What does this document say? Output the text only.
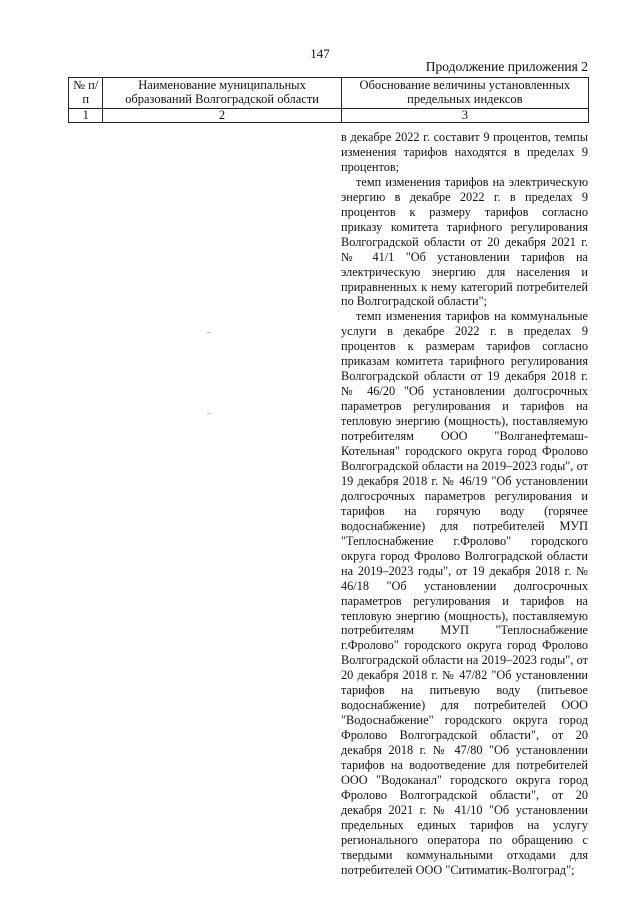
147
Продолжение приложения 2
№ п/п	Наименование муниципальных образований Волгоградской области	Обоснование величины установленных предельных индексов
1	2	3

в декабре 2022 г. составит 9 процентов, темпы изменения тарифов находятся в пределах 9 процентов;

темп изменения тарифов на электрическую энергию в декабре 2022 г. в пределах 9 процентов к размеру тарифов согласно приказу комитета тарифного регулирования Волгоградской области от 20 декабря 2021 г. № 41/1 "Об установлении тарифов на электрическую энергию для населения и приравненных к нему категорий потребителей по Волгоградской области";

темп изменения тарифов на коммунальные услуги в декабре 2022 г. в пределах 9 процентов к размерам тарифов согласно приказам комитета тарифного регулирования Волгоградской области от 19 декабря 2018 г. № 46/20 "Об установлении долгосрочных параметров регулирования и тарифов на тепловую энергию (мощность), поставляемую потребителям ООО "Волганефтемаш-Котельная" городского округа город Фролово Волгоградской области на 2019–2023 годы", от 19 декабря 2018 г. № 46/19 "Об установлении долгосрочных параметров регулирования и тарифов на горячую воду (горячее водоснабжение) для потребителей МУП "Теплоснабжение г.Фролово" городского округа город Фролово Волгоградской области на 2019–2023 годы", от 19 декабря 2018 г. № 46/18 "Об установлении долгосрочных параметров регулирования и тарифов на тепловую энергию (мощность), поставляемую потребителям МУП "Теплоснабжение г.Фролово" городского округа город Фролово Волгоградской области на 2019–2023 годы", от 20 декабря 2018 г. № 47/82 "Об установлении тарифов на питьевую воду (питьевое водоснабжение) для потребителей ООО "Водоснабжение" городского округа город Фролово Волгоградской области", от 20 декабря 2018 г. № 47/80 "Об установлении тарифов на водоотведение для потребителей ООО "Водоканал" городского округа город Фролово Волгоградской области", от 20 декабря 2021 г. № 41/10 "Об установлении предельных единых тарифов на услугу регионального оператора по обращению с твердыми коммунальными отходами для потребителей ООО "Ситиматик-Волгоград";
